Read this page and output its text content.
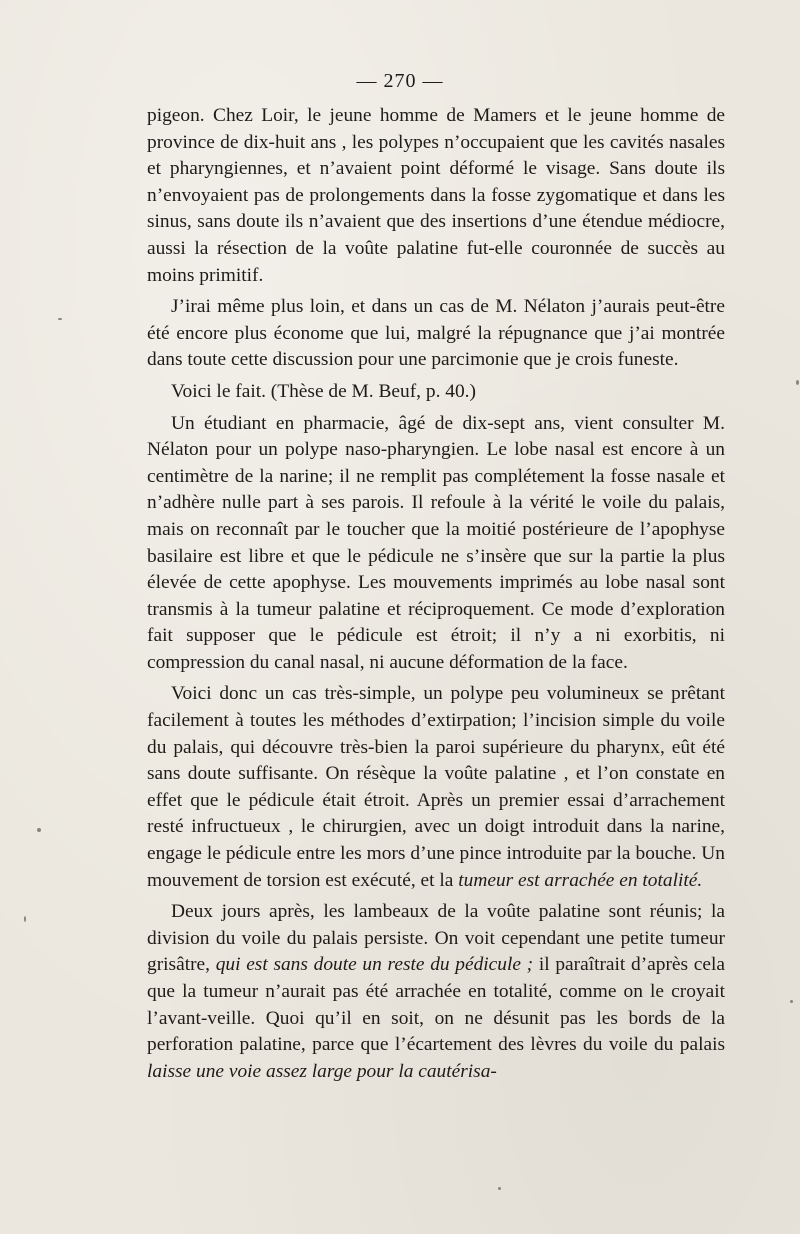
— 270 —

pigeon. Chez Loir, le jeune homme de Mamers et le jeune homme de province de dix-huit ans , les polypes n’occupaient que les cavités nasales et pharyngiennes, et n’avaient point déformé le visage. Sans doute ils n’envoyaient pas de prolongements dans la fosse zygomatique et dans les sinus, sans doute ils n’avaient que des insertions d’une étendue médiocre, aussi la résection de la voûte palatine fut-elle couronnée de succès au moins primitif.

J’irai même plus loin, et dans un cas de M. Nélaton j’aurais peut-être été encore plus économe que lui, malgré la répugnance que j’ai montrée dans toute cette discussion pour une parcimonie que je crois funeste.

Voici le fait. (Thèse de M. Beuf, p. 40.)

Un étudiant en pharmacie, âgé de dix-sept ans, vient consulter M. Nélaton pour un polype naso-pharyngien. Le lobe nasal est encore à un centimètre de la narine; il ne remplit pas complétement la fosse nasale et n’adhère nulle part à ses parois. Il refoule à la vérité le voile du palais, mais on reconnaît par le toucher que la moitié postérieure de l’apophyse basilaire est libre et que le pédicule ne s’insère que sur la partie la plus élevée de cette apophyse. Les mouvements imprimés au lobe nasal sont transmis à la tumeur palatine et réciproquement. Ce mode d’exploration fait supposer que le pédicule est étroit; il n’y a ni exorbitis, ni compression du canal nasal, ni aucune déformation de la face.

Voici donc un cas très-simple, un polype peu volumineux se prêtant facilement à toutes les méthodes d’extirpation; l’incision simple du voile du palais, qui découvre très-bien la paroi supérieure du pharynx, eût été sans doute suffisante. On résèque la voûte palatine , et l’on constate en effet que le pédicule était étroit. Après un premier essai d’arrachement resté infructueux , le chirurgien, avec un doigt introduit dans la narine, engage le pédicule entre les mors d’une pince introduite par la bouche. Un mouvement de torsion est exécuté, et la tumeur est arrachée en totalité.

Deux jours après, les lambeaux de la voûte palatine sont réunis; la division du voile du palais persiste. On voit cependant une petite tumeur grisâtre, qui est sans doute un reste du pédicule ; il paraîtrait d’après cela que la tumeur n’aurait pas été arrachée en totalité, comme on le croyait l’avant-veille. Quoi qu’il en soit, on ne désunit pas les bords de la perforation palatine, parce que l’écartement des lèvres du voile du palais laisse une voie assez large pour la cautérisa-
